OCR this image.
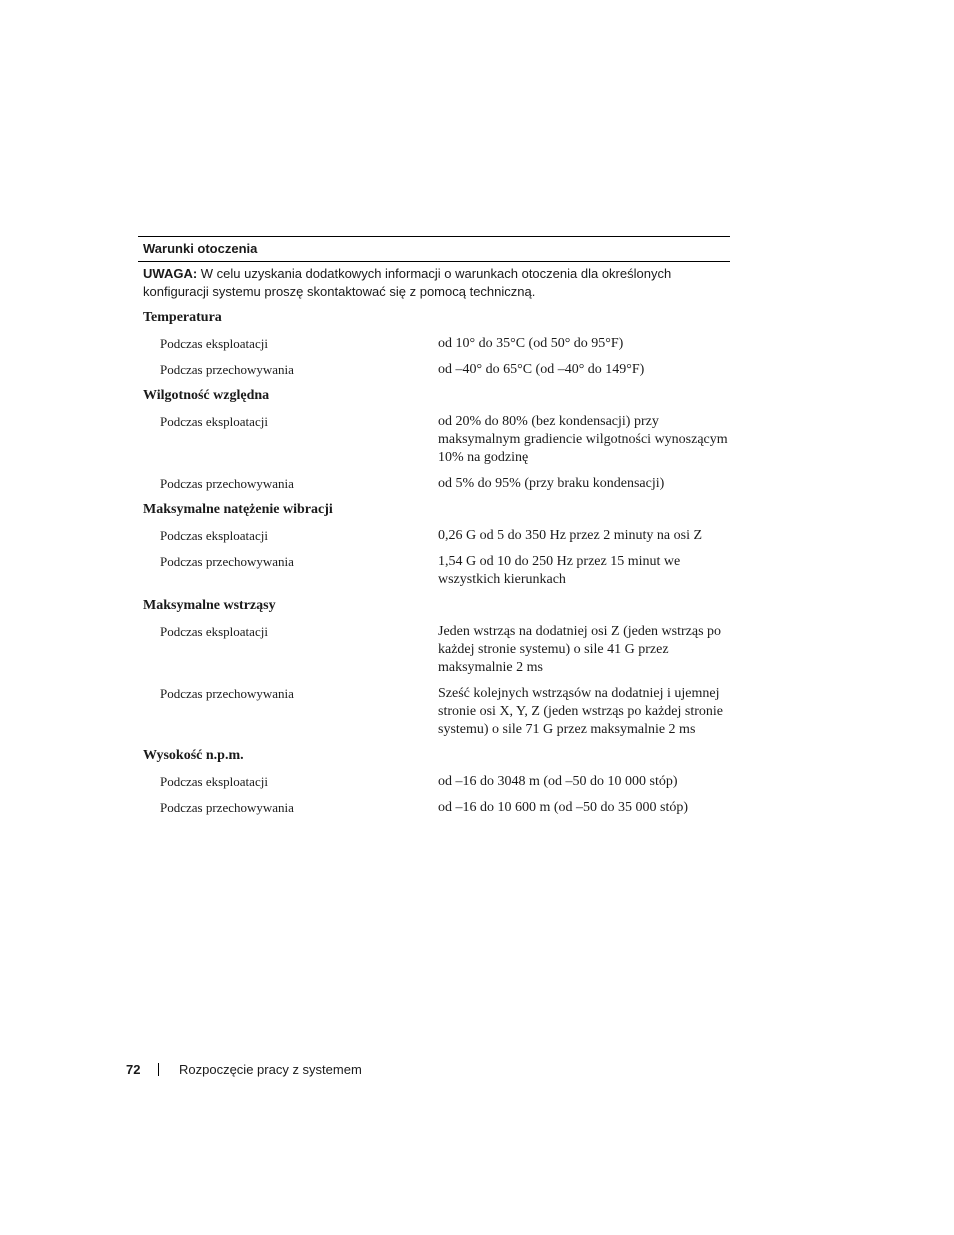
Warunki otoczenia
UWAGA: W celu uzyskania dodatkowych informacji o warunkach otoczenia dla określonych konfiguracji systemu proszę skontaktować się z pomocą techniczną.
Temperatura
Podczas eksploatacji	od 10° do 35°C (od 50° do 95°F)
Podczas przechowywania	od –40° do 65°C (od –40° do 149°F)
Wilgotność względna
Podczas eksploatacji	od 20% do 80% (bez kondensacji) przy maksymalnym gradiencie wilgotności wynoszącym 10% na godzinę
Podczas przechowywania	od 5% do 95% (przy braku kondensacji)
Maksymalne natężenie wibracji
Podczas eksploatacji	0,26 G od 5 do 350 Hz przez 2 minuty na osi Z
Podczas przechowywania	1,54 G od 10 do 250 Hz przez 15 minut we wszystkich kierunkach
Maksymalne wstrząsy
Podczas eksploatacji	Jeden wstrząs na dodatniej osi Z (jeden wstrząs po każdej stronie systemu) o sile 41 G przez maksymalnie 2 ms
Podczas przechowywania	Sześć kolejnych wstrząsów na dodatniej i ujemnej stronie osi X, Y, Z (jeden wstrząs po każdej stronie systemu) o sile 71 G przez maksymalnie 2 ms
Wysokość n.p.m.
Podczas eksploatacji	od –16 do 3048 m (od –50 do 10 000 stóp)
Podczas przechowywania	od –16 do 10 600 m (od –50 do 35 000 stóp)
72	Rozpoczęcie pracy z systemem
